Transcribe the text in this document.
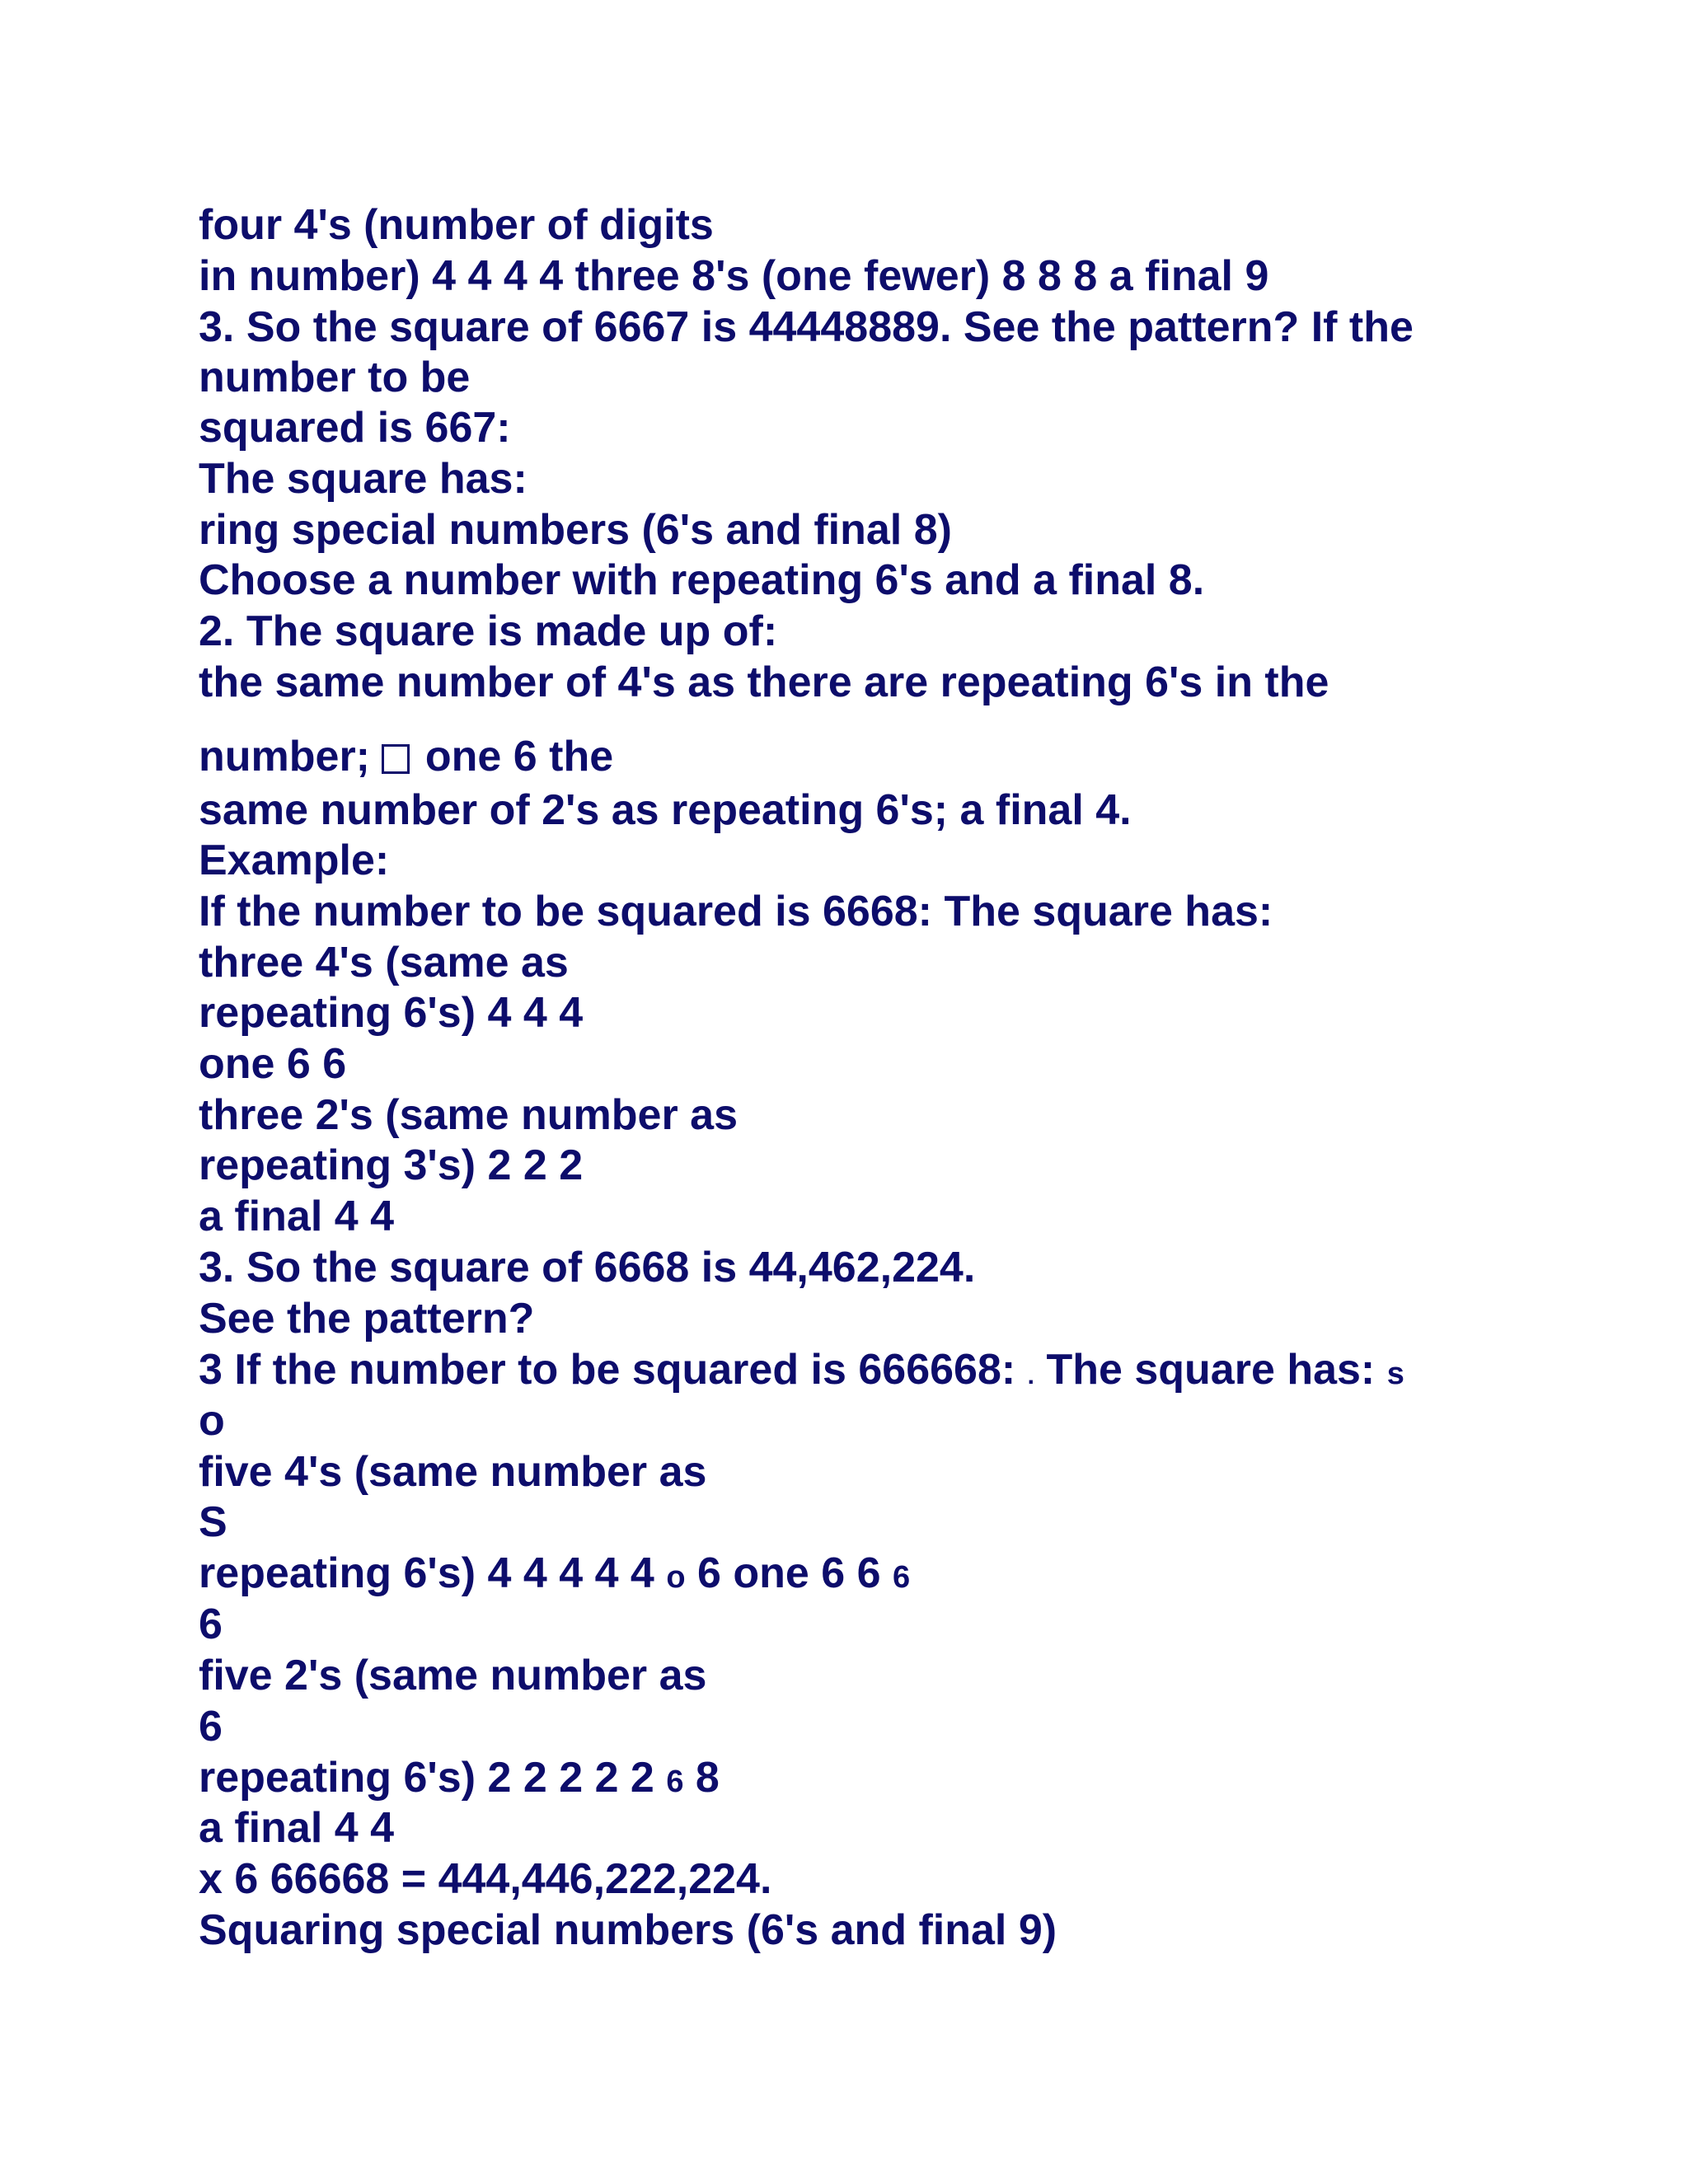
four 4's (number of digits
in number) 4 4 4 4 three 8's (one fewer) 8 8 8 a final 9
3. So the square of 6667 is 44448889. See the pattern? If the
number to be
squared is 667:
The square has:
ring special numbers (6's and final 8)
Choose a number with repeating 6's and a final 8.
2. The square is made up of:
the same number of 4's as there are repeating 6's in the
number;  one 6 the
same number of 2's as repeating 6's; a final 4.
Example:
If the number to be squared is 6668: The square has:
three 4's (same as
repeating 6's) 4 4 4
one 6 6
three 2's (same number as
repeating 3's) 2 2 2
a final 4 4
3. So the square of 6668 is 44,462,224.
See the pattern?
3 If the number to be squared is 666668: . The square has: s
o
five 4's (same number as
S
repeating 6's) 4 4 4 4 4 o 6 one 6 6 6
6
five 2's (same number as
6
repeating 6's) 2 2 2 2 2 6 8
a final 4 4
x 6 66668 = 444,446,222,224.
Squaring special numbers (6's and final 9)
